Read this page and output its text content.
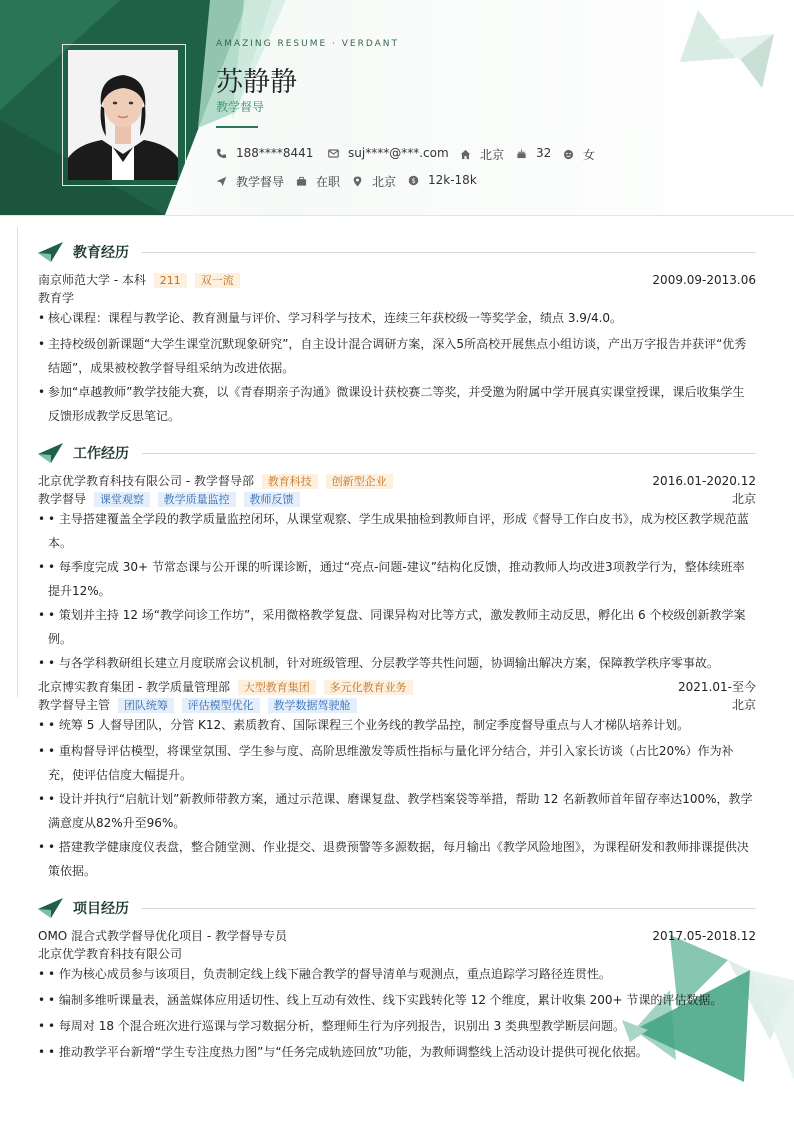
AMAZING RESUME · VERDANT
苏静静
教学督导
188****8441	suj****@***.com	北京	32	女
教学督导	在职	北京 $ 12k-18k
教育经历
南京师范大学 - 本科 211 双一流	2009.09-2013.06
教育学
• 核心课程：课程与教学论、教育测量与评价、学习科学与技术，连续三年获校级一等奖学金，绩点 3.9/4.0。
• 主持校级创新课题“大学生课堂沉默现象研究”，自主设计混合调研方案，深入5所高校开展焦点小组访谈，产出万字报告并获评“优秀结题”，成果被校教学督导组采纳为改进依据。
• 参加“卓越教师”教学技能大赛，以《青春期亲子沟通》微课设计获校赛二等奖，并受邀为附属中学开展真实课堂授课，课后收集学生反馈形成教学反思笔记。
工作经历
北京优学教育科技有限公司 - 教学督导部 教育科技 创新型企业	2016.01-2020.12
教学督导 课堂观察 教学质量监控 教师反馈	北京
• • 主导搭建覆盖全学段的教学质量监控闭环，从课堂观察、学生成果抽检到教师自评，形成《督导工作白皮书》，成为校区教学规范蓝本。
• • 每季度完成 30+ 节常态课与公开课的听课诊断，通过“亮点-问题-建议”结构化反馈，推动教师人均改进3项教学行为，整体续班率提升12%。
• • 策划并主持 12 场“教学问诊工作坊”，采用微格教学复盘、同课异构对比等方式，激发教师主动反思，孵化出 6 个校级创新教学案例。
• • 与各学科教研组长建立月度联席会议机制，针对班级管理、分层教学等共性问题，协调输出解决方案，保障教学秩序零事故。
北京博实教育集团 - 教学质量管理部 大型教育集团 多元化教育业务	2021.01-至今
教学督导主管 团队统筹 评估模型优化 教学数据驾驶舱	北京
• • 统筹 5 人督导团队，分管 K12、素质教育、国际课程三个业务线的教学品控，制定季度督导重点与人才梯队培养计划。
• • 重构督导评估模型，将课堂氛围、学生参与度、高阶思维激发等质性指标与量化评分结合，并引入家长访谈（占比20%）作为补充，使评估信度大幅提升。
• • 设计并执行“启航计划”新教师带教方案，通过示范课、磨课复盘、教学档案袋等举措，帮助 12 名新教师首年留存率达100%，教学满意度从82%升至96%。
• • 搭建教学健康度仪表盘，整合随堂测、作业提交、退费预警等多源数据，每月输出《教学风险地图》，为课程研发和教师排课提供决策依据。
项目经历
OMO 混合式教学督导优化项目 - 教学督导专员	2017.05-2018.12
北京优学教育科技有限公司
• • 作为核心成员参与该项目，负责制定线上线下融合教学的督导清单与观测点，重点追踪学习路径连贯性。
• • 编制多维听课量表，涵盖媒体应用适切性、线上互动有效性、线下实践转化等 12 个维度，累计收集 200+ 节课的评估数据。
• • 每周对 18 个混合班次进行巡课与学习数据分析，整理师生行为序列报告，识别出 3 类典型教学断层问题。
• • 推动教学平台新增“学生专注度热力图”与“任务完成轨迹回放”功能，为教师调整线上活动设计提供可视化依据。
